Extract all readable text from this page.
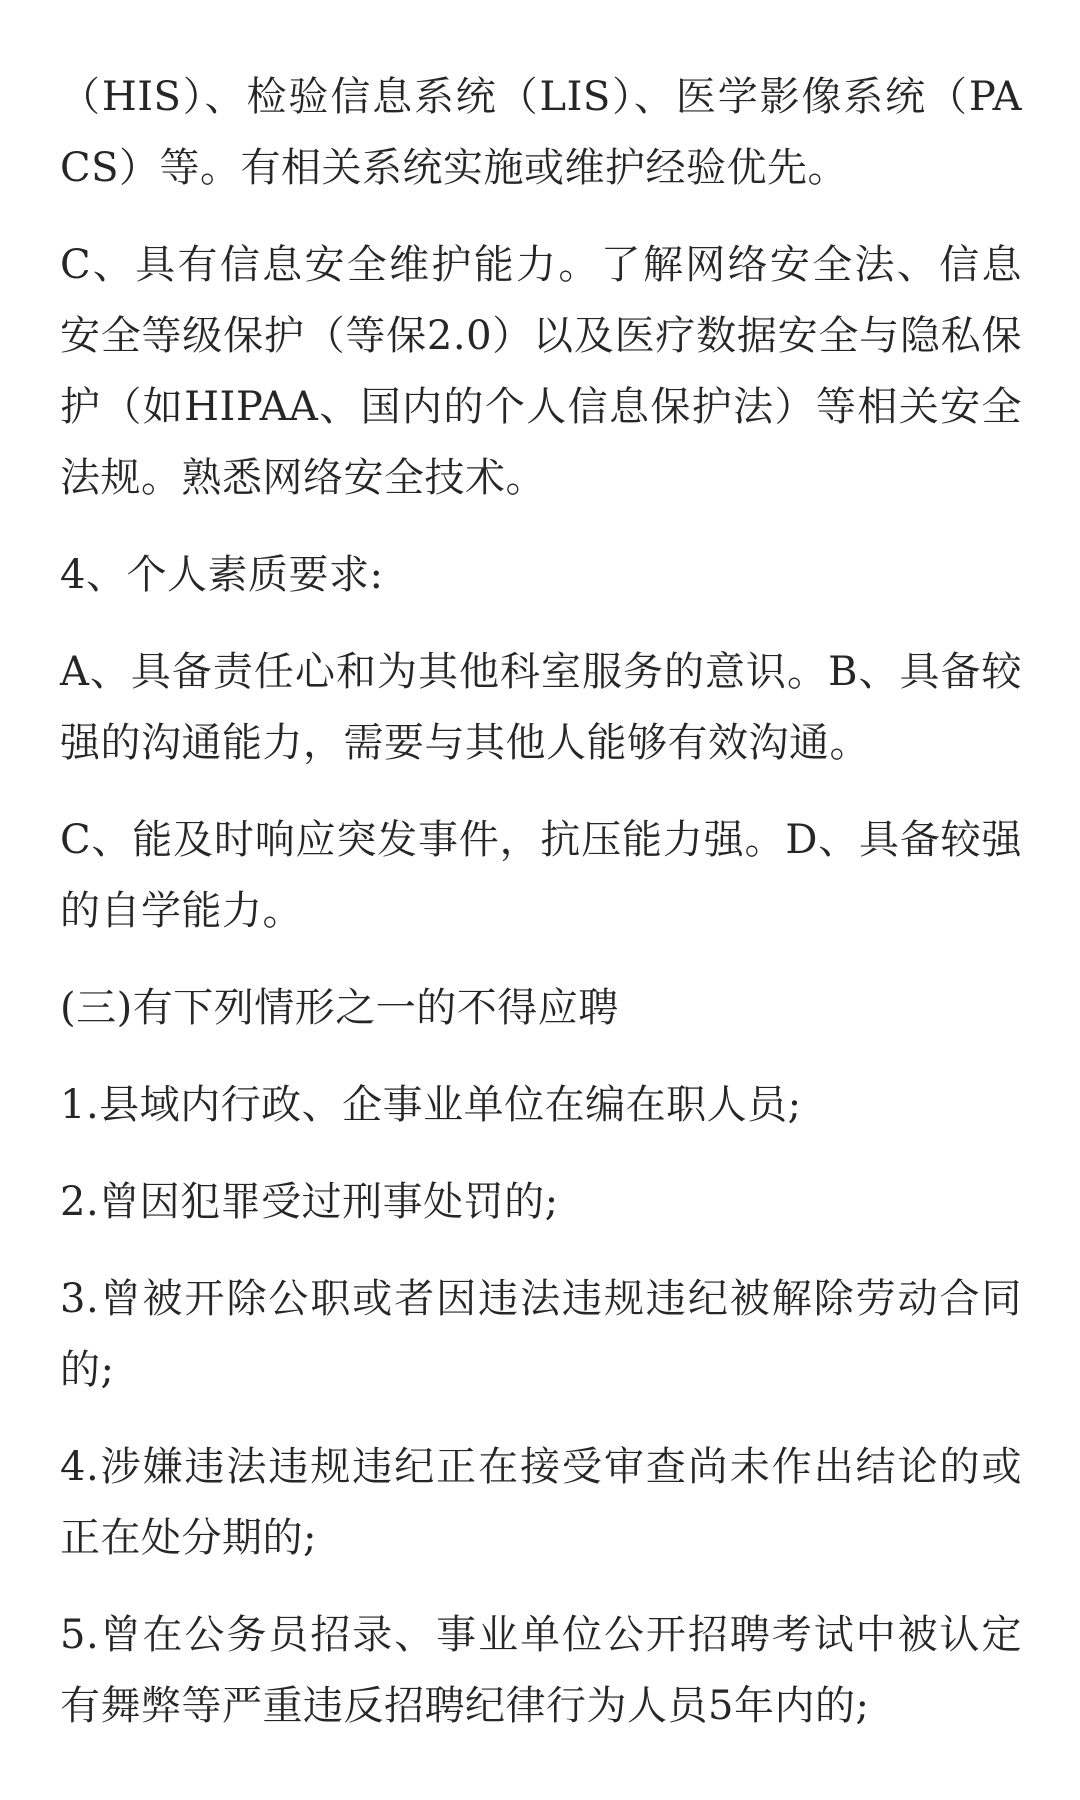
（HIS）、检验信息系统（LIS）、医学影像系统（PACS）等。有相关系统实施或维护经验优先。

C、具有信息安全维护能力。了解网络安全法、信息安全等级保护（等保2.0）以及医疗数据安全与隐私保护（如HIPAA、国内的个人信息保护法）等相关安全法规。熟悉网络安全技术。

4、个人素质要求:

A、具备责任心和为其他科室服务的意识。B、具备较强的沟通能力，需要与其他人能够有效沟通。

C、能及时响应突发事件，抗压能力强。D、具备较强的自学能力。

(三)有下列情形之一的不得应聘

1.县域内行政、企事业单位在编在职人员;

2.曾因犯罪受过刑事处罚的;

3.曾被开除公职或者因违法违规违纪被解除劳动合同的;

4.涉嫌违法违规违纪正在接受审查尚未作出结论的或正在处分期的;

5.曾在公务员招录、事业单位公开招聘考试中被认定有舞弊等严重违反招聘纪律行为人员5年内的;
